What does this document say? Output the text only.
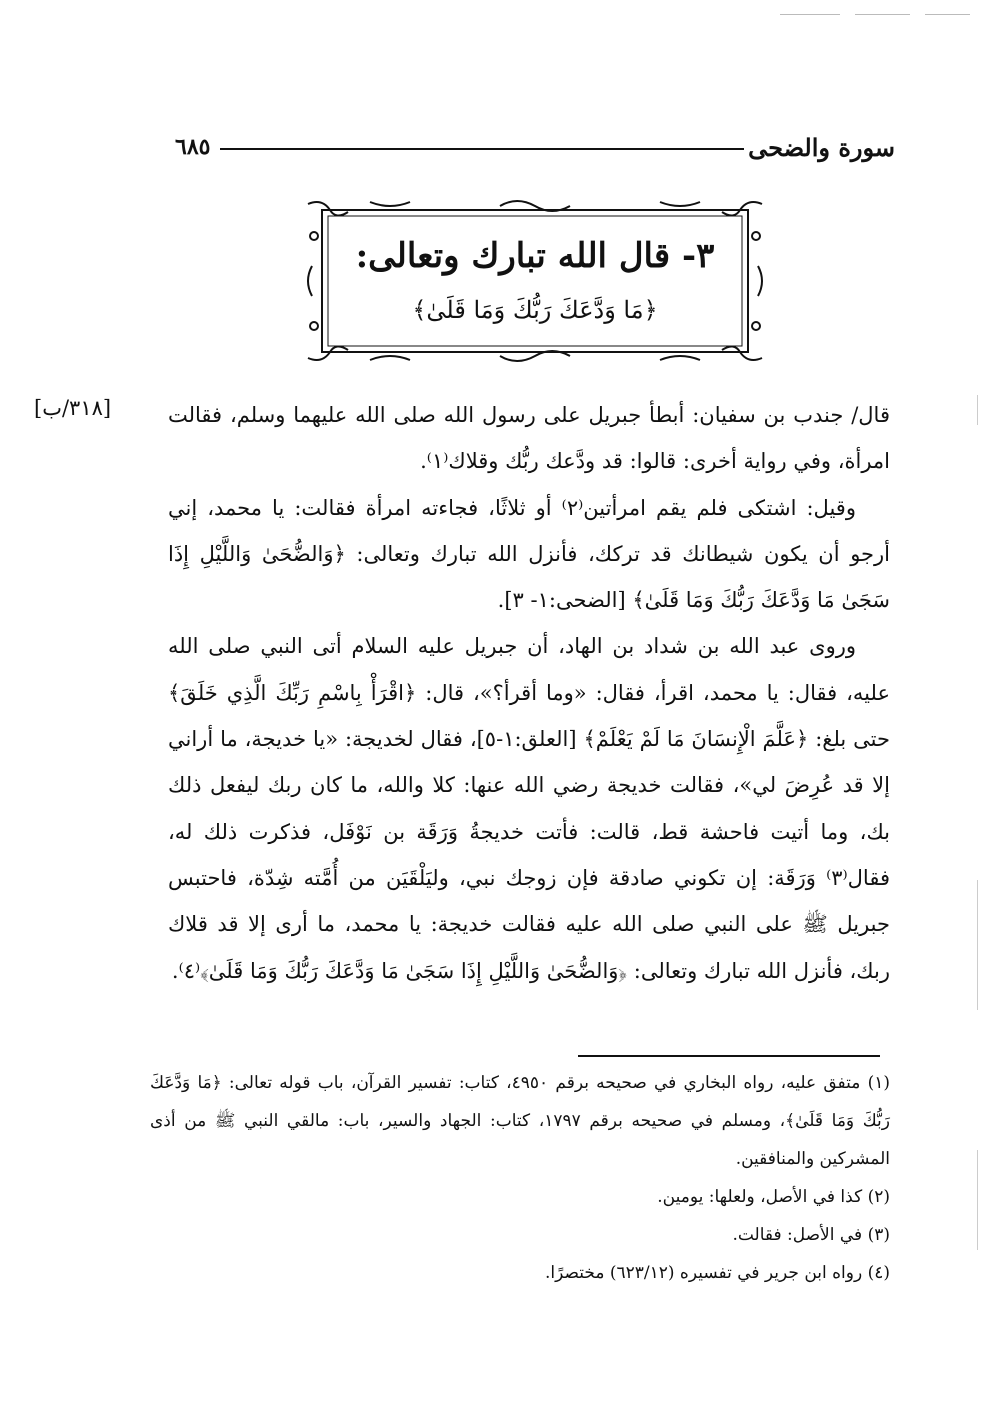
٦٨٥	سورة والضحى
٣- قال الله تبارك وتعالى:
﴿مَا وَدَّعَكَ رَبُّكَ وَمَا قَلَىٰ﴾
[٣١٨/ب]	قال/ جندب بن سفيان: أبطأ جبريل على رسول الله صلى الله عليهما وسلم، فقالت امرأة، وفي رواية أخرى: قالوا: قد ودَّعك ربُّك وقلاك⁽١⁾.

وقيل: اشتكى فلم يقم امرأتين⁽٢⁾ أو ثلاثًا، فجاءته امرأة فقالت: يا محمد، إني أرجو أن يكون شيطانك قد تركك، فأنزل الله تبارك وتعالى: ﴿وَالضُّحَىٰ وَاللَّيْلِ إِذَا سَجَىٰ مَا وَدَّعَكَ رَبُّكَ وَمَا قَلَىٰ﴾ [الضحى:١- ٣].

وروى عبد الله بن شداد بن الهاد، أن جبريل عليه السلام أتى النبي صلى الله عليه، فقال: يا محمد، اقرأ، فقال: «وما أقرأ؟»، قال: ﴿اقْرَأْ بِاسْمِ رَبِّكَ الَّذِي خَلَقَ﴾ حتى بلغ: ﴿عَلَّمَ الْإِنسَانَ مَا لَمْ يَعْلَمْ﴾ [العلق:١-٥]، فقال لخديجة: «يا خديجة، ما أراني إلا قد عُرِضَ لي»، فقالت خديجة رضي الله عنها: كلا والله، ما كان ربك ليفعل ذلك بك، وما أتيت فاحشة قط، قالت: فأتت خديجةُ وَرَقَة بن نَوْفَل، فذكرت ذلك له، فقال⁽٣⁾ وَرَقَة: إن تكوني صادقة فإن زوجك نبي، وليَلْقَيَن من أُمَّته شِدّة، فاحتبس جبريل ﷺ على النبي صلى الله عليه فقالت خديجة: يا محمد، ما أرى إلا قد قلاك ربك، فأنزل الله تبارك وتعالى: ﴿وَالضُّحَىٰ وَاللَّيْلِ إِذَا سَجَىٰ مَا وَدَّعَكَ رَبُّكَ وَمَا قَلَىٰ﴾⁽٤⁾.

(١) متفق عليه، رواه البخاري في صحيحه برقم ٤٩٥٠، كتاب: تفسير القرآن، باب قوله تعالى: ﴿مَا وَدَّعَكَ رَبُّكَ وَمَا قَلَىٰ﴾، ومسلم في صحيحه برقم ١٧٩٧، كتاب: الجهاد والسير، باب: مالقي النبي ﷺ من أذى المشركين والمنافقين.

(٢) كذا في الأصل، ولعلها: يومين.

(٣) في الأصل: فقالت.

(٤) رواه ابن جرير في تفسيره (٦٢٣/١٢) مختصرًا.
